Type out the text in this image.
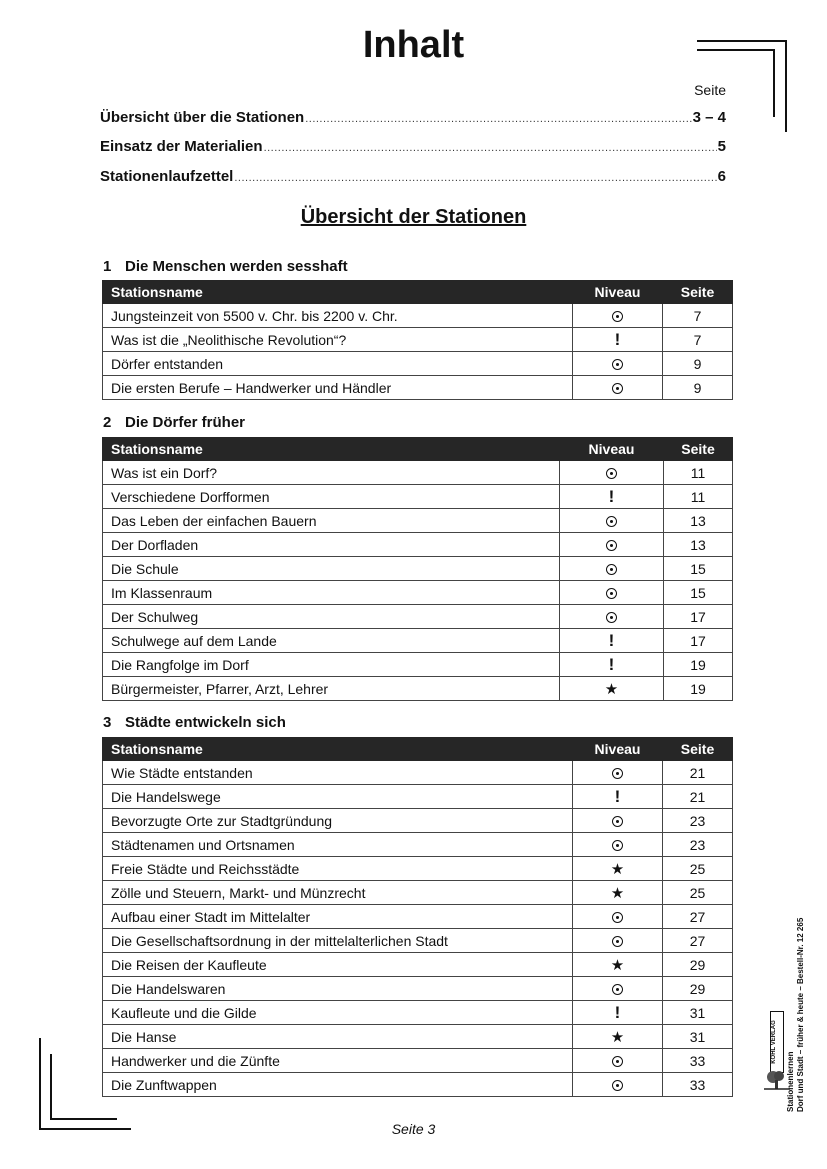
Inhalt
Seite
Übersicht über die Stationen .....	3 – 4
Einsatz der Materialien .....	5
Stationenlaufzettel .....	6
Übersicht der Stationen
1 Die Menschen werden sesshaft
Stationsname	Niveau	Seite
Jungsteinzeit von 5500 v. Chr. bis 2200 v. Chr.		7
Was ist die „Neolithische Revolution“?	!	7
Dörfer entstanden		9
Die ersten Berufe – Handwerker und Händler		9
2 Die Dörfer früher
Stationsname	Niveau	Seite
Was ist ein Dorf?		11
Verschiedene Dorfformen	!	11
Das Leben der einfachen Bauern		13
Der Dorfladen		13
Die Schule		15
Im Klassenraum		15
Der Schulweg		17
Schulwege auf dem Lande	!	17
Die Rangfolge im Dorf	!	19
Bürgermeister, Pfarrer, Arzt, Lehrer	★	19
3 Städte entwickeln sich
Stationsname	Niveau	Seite
Wie Städte entstanden		21
Die Handelswege	!	21
Bevorzugte Orte zur Stadtgründung		23
Städtenamen und Ortsnamen		23
Freie Städte und Reichsstädte	★	25
Zölle und Steuern, Markt- und Münzrecht	★	25
Aufbau einer Stadt im Mittelalter		27
Die Gesellschaftsordnung in der mittelalterlichen Stadt		27
Die Reisen der Kaufleute	★	29
Die Handelswaren		29
Kaufleute und die Gilde	!	31
Die Hanse	★	31
Handwerker und die Zünfte		33
Die Zunftwappen		33	Stationenlernen Dorf und Stadt – früher & heute – Bestell-Nr. 12 265
KOHL VERLAG
Seite 3
